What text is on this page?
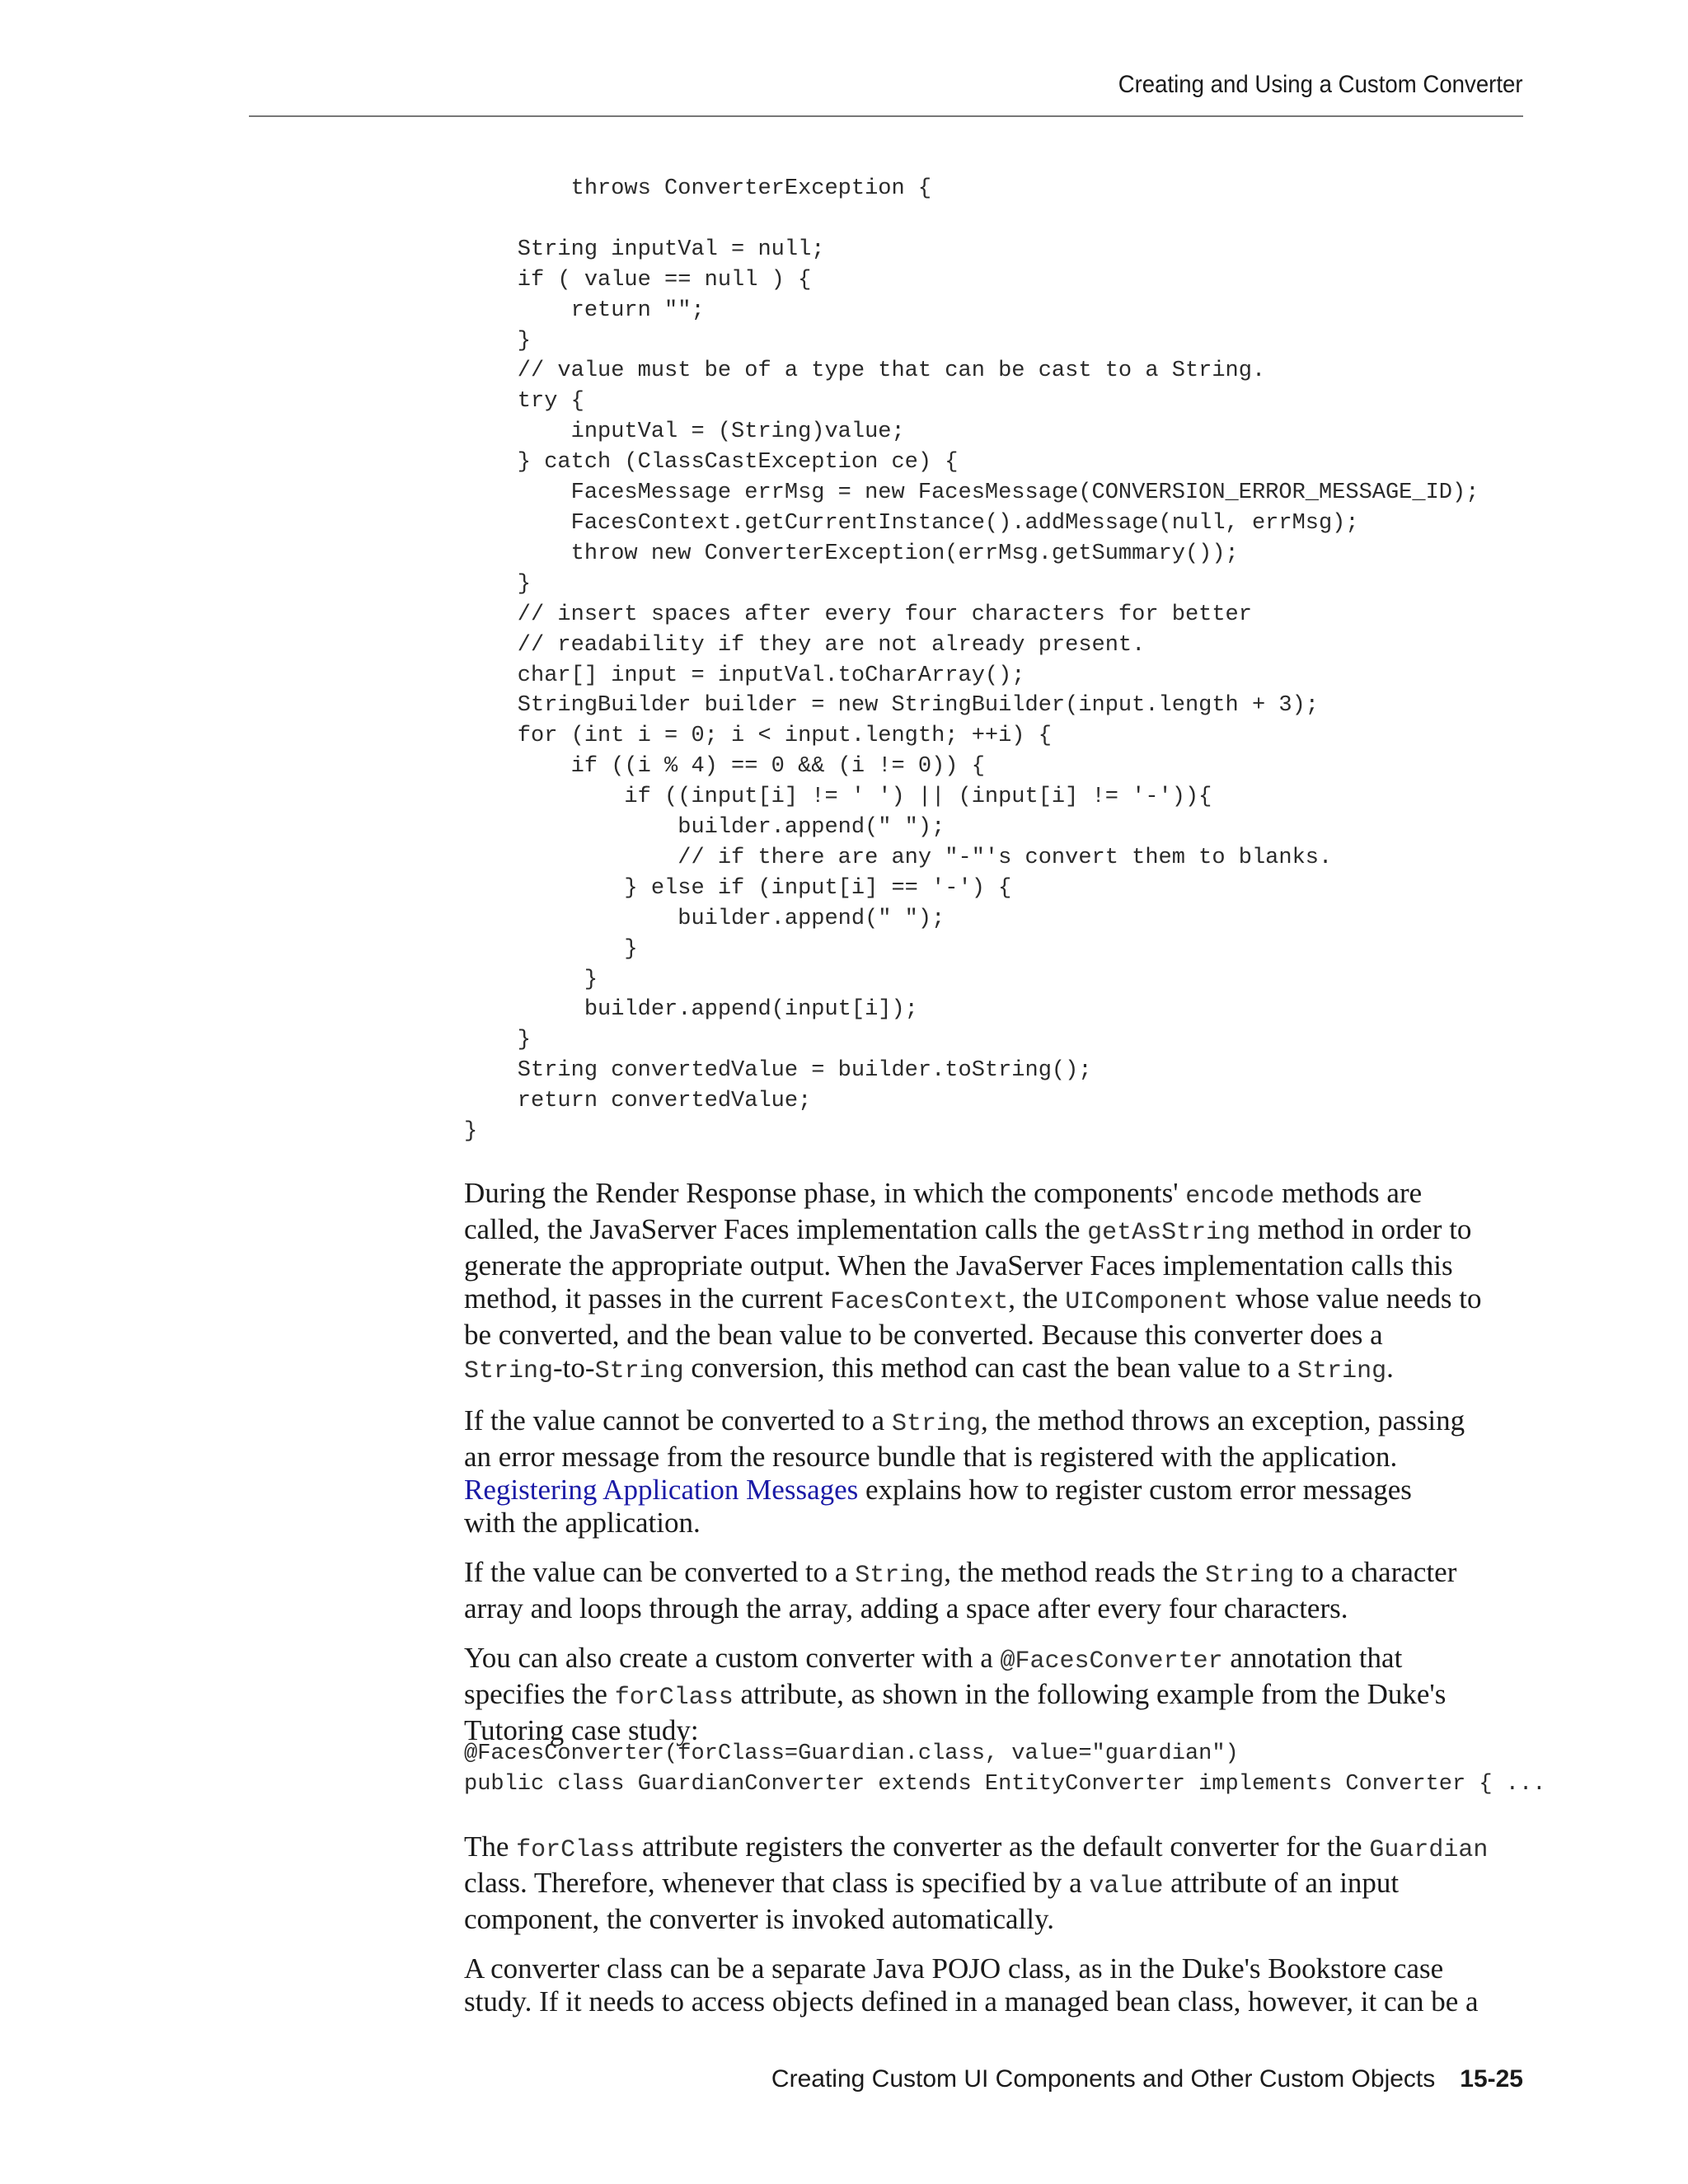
Creating and Using a Custom Converter
throws ConverterException {

String inputVal = null;
if ( value == null ) {
return "";
}
// value must be of a type that can be cast to a String.
try {
inputVal = (String)value;
} catch (ClassCastException ce) {
FacesMessage errMsg = new FacesMessage(CONVERSION_ERROR_MESSAGE_ID);
FacesContext.getCurrentInstance().addMessage(null, errMsg);
throw new ConverterException(errMsg.getSummary());
}
// insert spaces after every four characters for better
// readability if they are not already present.
char[] input = inputVal.toCharArray();
StringBuilder builder = new StringBuilder(input.length + 3);
for (int i = 0; i < input.length; ++i) {
if ((i % 4) == 0 && (i != 0)) {
if ((input[i] != ' ') || (input[i] != '-')){
builder.append(" ");
// if there are any "-"'s convert them to blanks.
} else if (input[i] == '-') {
builder.append(" ");
}
}
builder.append(input[i]);
}
String convertedValue = builder.toString();
return convertedValue;
}

During the Render Response phase, in which the components' encode methods are

called, the JavaServer Faces implementation calls the getAsString method in order to

generate the appropriate output. When the JavaServer Faces implementation calls this

method, it passes in the current FacesContext, the UIComponent whose value needs to

be converted, and the bean value to be converted. Because this converter does a

String-to-String conversion, this method can cast the bean value to a String.

If the value cannot be converted to a String, the method throws an exception, passing

an error message from the resource bundle that is registered with the application.

Registering Application Messages explains how to register custom error messages

with the application.

If the value can be converted to a String, the method reads the String to a character

array and loops through the array, adding a space after every four characters.

You can also create a custom converter with a @FacesConverter annotation that

specifies the forClass attribute, as shown in the following example from the Duke's

Tutoring case study:

@FacesConverter(forClass=Guardian.class, value="guardian")
public class GuardianConverter extends EntityConverter implements Converter { ...

The forClass attribute registers the converter as the default converter for the Guardian

class. Therefore, whenever that class is specified by a value attribute of an input

component, the converter is invoked automatically.

A converter class can be a separate Java POJO class, as in the Duke's Bookstore case

study. If it needs to access objects defined in a managed bean class, however, it can be a

Creating Custom UI Components and Other Custom Objects 15-25
